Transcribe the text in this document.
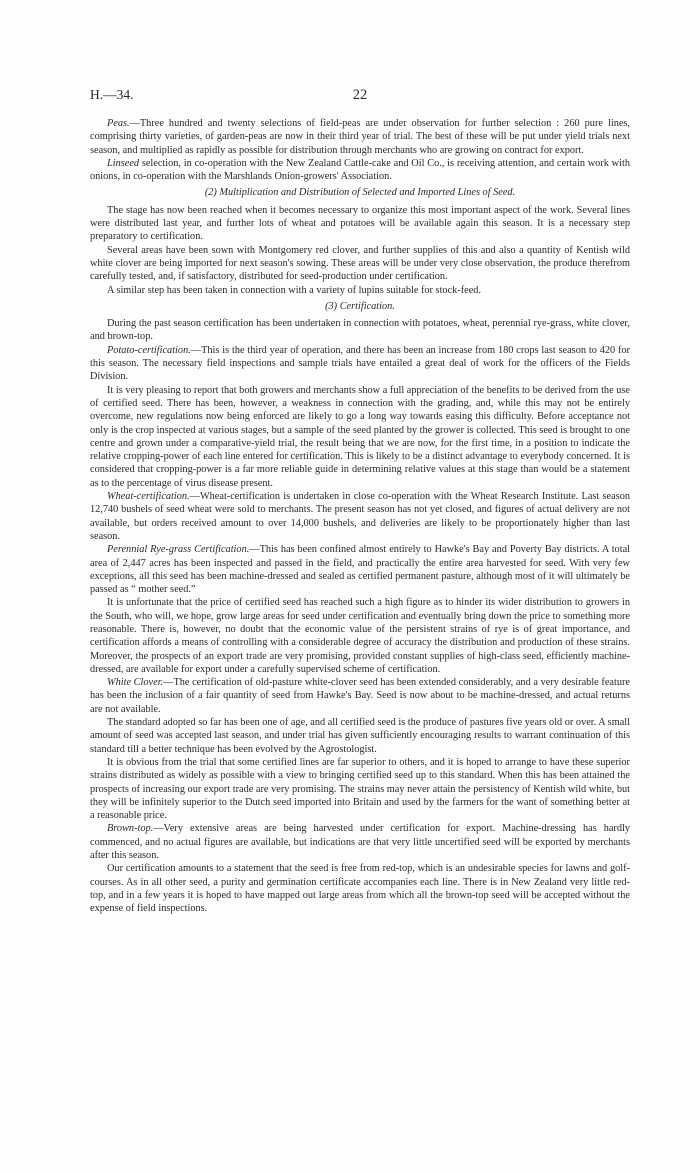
H.—34.	22

Peas.—Three hundred and twenty selections of field-peas are under observation for further selection : 260 pure lines, comprising thirty varieties, of garden-peas are now in their third year of trial. The best of these will be put under yield trials next season, and multiplied as rapidly as possible for distribution through merchants who are growing on contract for export.

Linseed selection, in co-operation with the New Zealand Cattle-cake and Oil Co., is receiving attention, and certain work with onions, in co-operation with the Marshlands Onion-growers' Association.

(2) Multiplication and Distribution of Selected and Imported Lines of Seed.

The stage has now been reached when it becomes necessary to organize this most important aspect of the work. Several lines were distributed last year, and further lots of wheat and potatoes will be available again this season. It is a necessary step preparatory to certification.

Several areas have been sown with Montgomery red clover, and further supplies of this and also a quantity of Kentish wild white clover are being imported for next season's sowing. These areas will be under very close observation, the produce therefrom carefully tested, and, if satisfactory, distributed for seed-production under certification.

A similar step has been taken in connection with a variety of lupins suitable for stock-feed.

(3) Certification.

During the past season certification has been undertaken in connection with potatoes, wheat, perennial rye-grass, white clover, and brown-top.

Potato-certification.—This is the third year of operation, and there has been an increase from 180 crops last season to 420 for this season. The necessary field inspections and sample trials have entailed a great deal of work for the officers of the Fields Division.

It is very pleasing to report that both growers and merchants show a full appreciation of the benefits to be derived from the use of certified seed. There has been, however, a weakness in connection with the grading, and, while this may not be entirely overcome, new regulations now being enforced are likely to go a long way towards easing this difficulty. Before acceptance not only is the crop inspected at various stages, but a sample of the seed planted by the grower is collected. This seed is brought to one centre and grown under a comparative-yield trial, the result being that we are now, for the first time, in a position to indicate the relative cropping-power of each line entered for certification. This is likely to be a distinct advantage to everybody concerned. It is considered that cropping-power is a far more reliable guide in determining relative values at this stage than would be a statement as to the percentage of virus disease present.

Wheat-certification.—Wheat-certification is undertaken in close co-operation with the Wheat Research Institute. Last season 12,740 bushels of seed wheat were sold to merchants. The present season has not yet closed, and figures of actual delivery are not available, but orders received amount to over 14,000 bushels, and deliveries are likely to be proportionately higher than last season.

Perennial Rye-grass Certification.—This has been confined almost entirely to Hawke's Bay and Poverty Bay districts. A total area of 2,447 acres has been inspected and passed in the field, and practically the entire area harvested for seed. With very few exceptions, all this seed has been machine-dressed and sealed as certified permanent pasture, although most of it will ultimately be passed as “ mother seed.”

It is unfortunate that the price of certified seed has reached such a high figure as to hinder its wider distribution to growers in the South, who will, we hope, grow large areas for seed under certification and eventually bring down the price to something more reasonable. There is, however, no doubt that the economic value of the persistent strains of rye is of great importance, and certification affords a means of controlling with a considerable degree of accuracy the distribution and production of these strains. Moreover, the prospects of an export trade are very promising, provided constant supplies of high-class seed, efficiently machine-dressed, are available for export under a carefully supervised scheme of certification.

White Clover.—The certification of old-pasture white-clover seed has been extended considerably, and a very desirable feature has been the inclusion of a fair quantity of seed from Hawke's Bay. Seed is now about to be machine-dressed, and actual returns are not available.

The standard adopted so far has been one of age, and all certified seed is the produce of pastures five years old or over. A small amount of seed was accepted last season, and under trial has given sufficiently encouraging results to warrant continuation of this standard till a better technique has been evolved by the Agrostologist.

It is obvious from the trial that some certified lines are far superior to others, and it is hoped to arrange to have these superior strains distributed as widely as possible with a view to bringing certified seed up to this standard. When this has been attained the prospects of increasing our export trade are very promising. The strains may never attain the persistency of Kentish wild white, but they will be infinitely superior to the Dutch seed imported into Britain and used by the farmers for the want of something better at a reasonable price.

Brown-top.—Very extensive areas are being harvested under certification for export. Machine-dressing has hardly commenced, and no actual figures are available, but indications are that very little uncertified seed will be exported by merchants after this season.

Our certification amounts to a statement that the seed is free from red-top, which is an undesirable species for lawns and golf-courses. As in all other seed, a purity and germination certificate accompanies each line. There is in New Zealand very little red-top, and in a few years it is hoped to have mapped out large areas from which all the brown-top seed will be accepted without the expense of field inspections.
